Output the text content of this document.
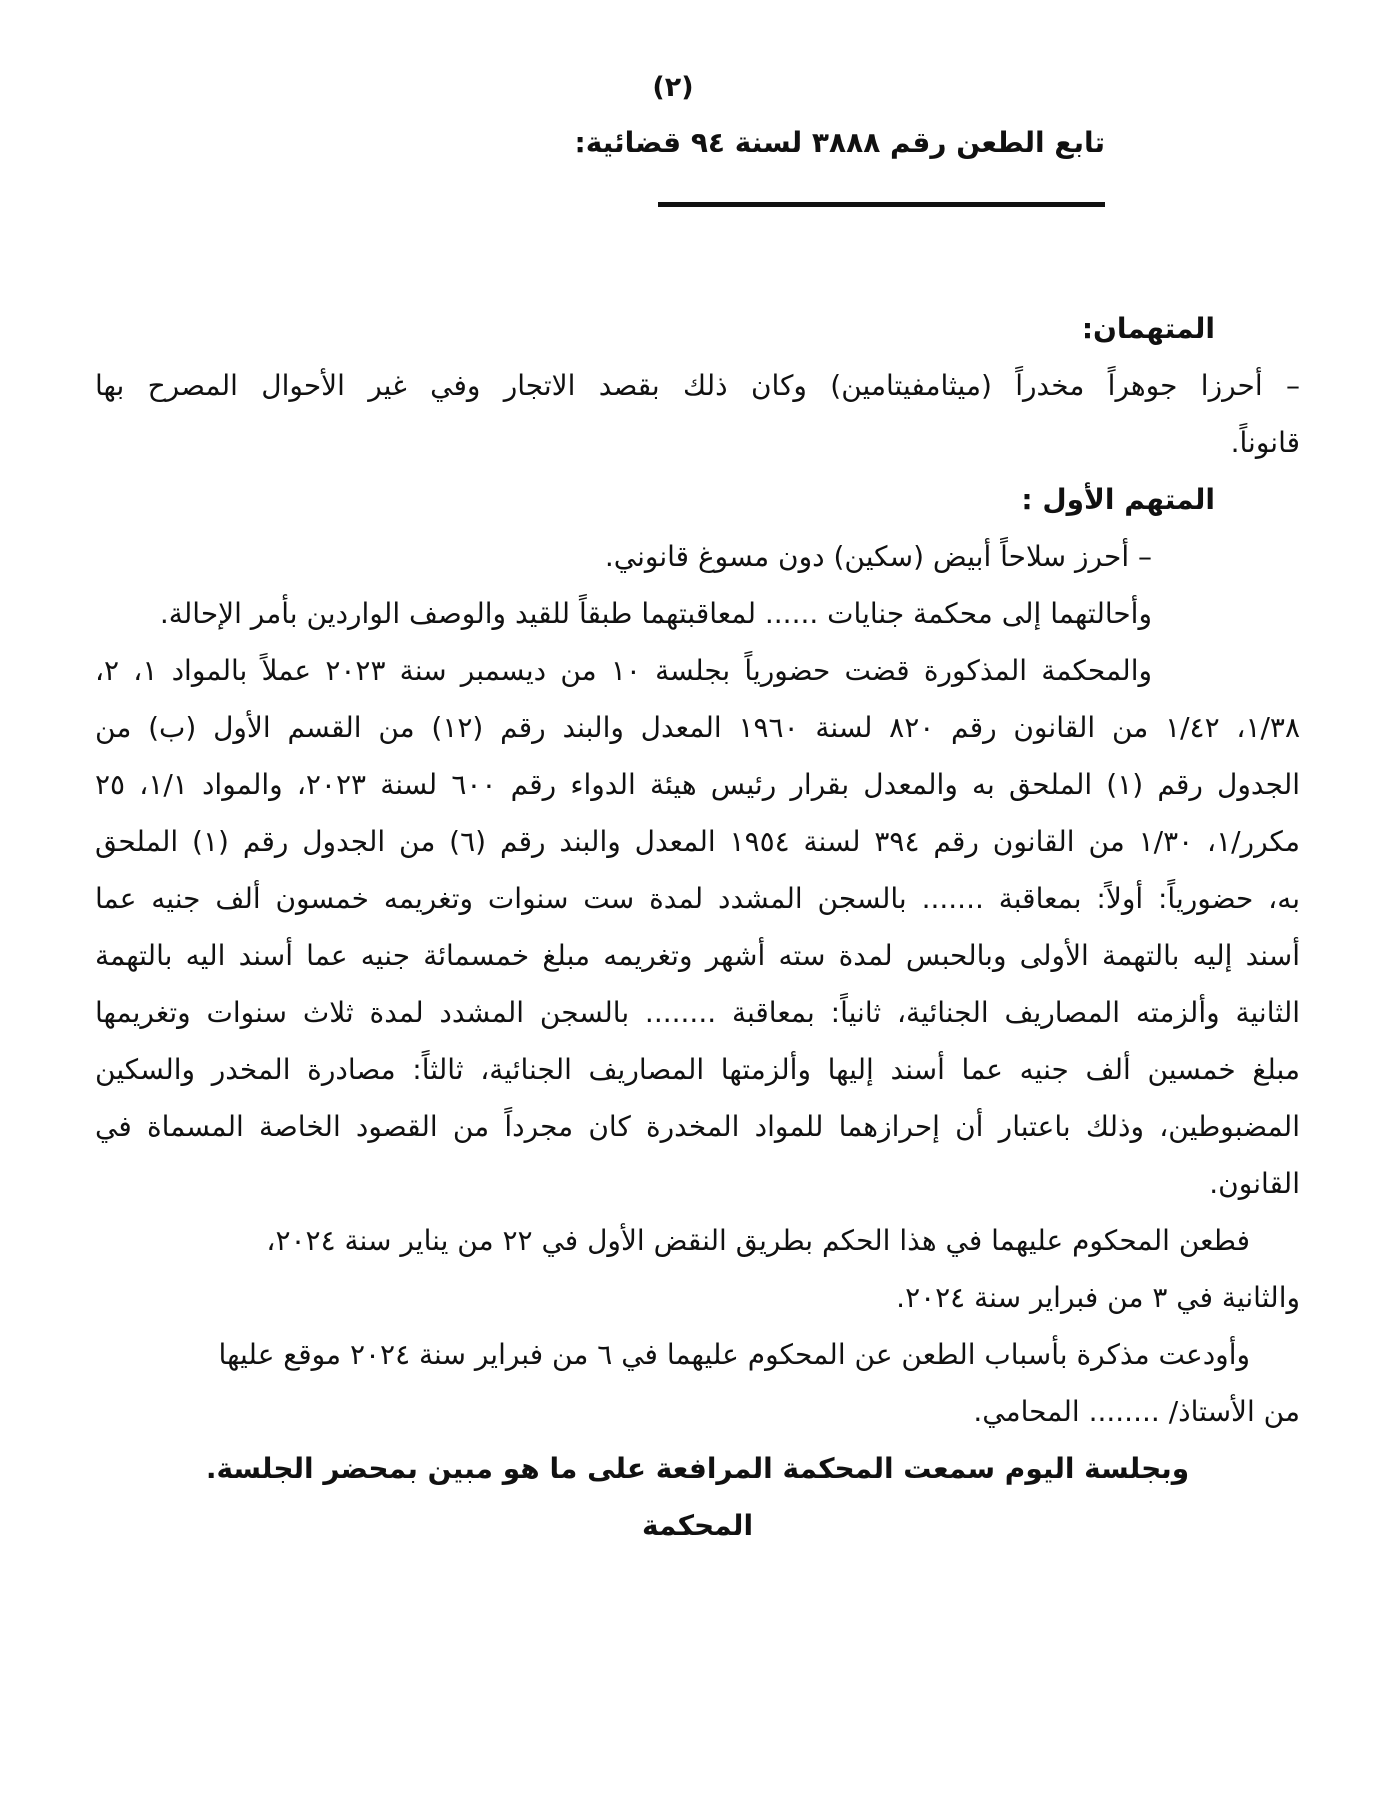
(٢)
تابع الطعن رقم ٣٨٨٨ لسنة ٩٤ قضائية:
المتهمان:
– أحرزا جوهراً مخدراً (ميثامفيتامين) وكان ذلك بقصد الاتجار وفي غير الأحوال المصرح بها
قانوناً.
المتهم الأول :
– أحرز سلاحاً أبيض (سكين) دون مسوغ قانوني.
وأحالتهما إلى محكمة جنايات ...... لمعاقبتهما طبقاً للقيد والوصف الواردين بأمر الإحالة.
والمحكمة المذكورة قضت حضورياً بجلسة ١٠ من ديسمبر سنة ٢٠٢٣ عملاً بالمواد ١، ٢،
١/٣٨، ١/٤٢ من القانون رقم ٨٢٠ لسنة ١٩٦٠ المعدل والبند رقم (١٢) من القسم الأول (ب) من
الجدول رقم (١) الملحق به والمعدل بقرار رئيس هيئة الدواء رقم ٦٠٠ لسنة ٢٠٢٣، والمواد ١/١، ٢٥
مكرر/١، ١/٣٠ من القانون رقم ٣٩٤ لسنة ١٩٥٤ المعدل والبند رقم (٦) من الجدول رقم (١) الملحق
به، حضورياً: أولاً: بمعاقبة ....... بالسجن المشدد لمدة ست سنوات وتغريمه خمسون ألف جنيه عما
أسند إليه بالتهمة الأولى وبالحبس لمدة سته أشهر وتغريمه مبلغ خمسمائة جنيه عما أسند اليه بالتهمة
الثانية وألزمته المصاريف الجنائية، ثانياً: بمعاقبة ........ بالسجن المشدد لمدة ثلاث سنوات وتغريمها
مبلغ خمسين ألف جنيه عما أسند إليها وألزمتها المصاريف الجنائية، ثالثاً: مصادرة المخدر والسكين
المضبوطين، وذلك باعتبار أن إحرازهما للمواد المخدرة كان مجرداً من القصود الخاصة المسماة في
القانون.
فطعن المحكوم عليهما في هذا الحكم بطريق النقض الأول في ٢٢ من يناير سنة ٢٠٢٤،
والثانية في ٣ من فبراير سنة ٢٠٢٤.
وأودعت مذكرة بأسباب الطعن عن المحكوم عليهما في ٦ من فبراير سنة ٢٠٢٤ موقع عليها
من الأستاذ/ ........ المحامي.
وبجلسة اليوم سمعت المحكمة المرافعة على ما هو مبين بمحضر الجلسة.
المحكمة
